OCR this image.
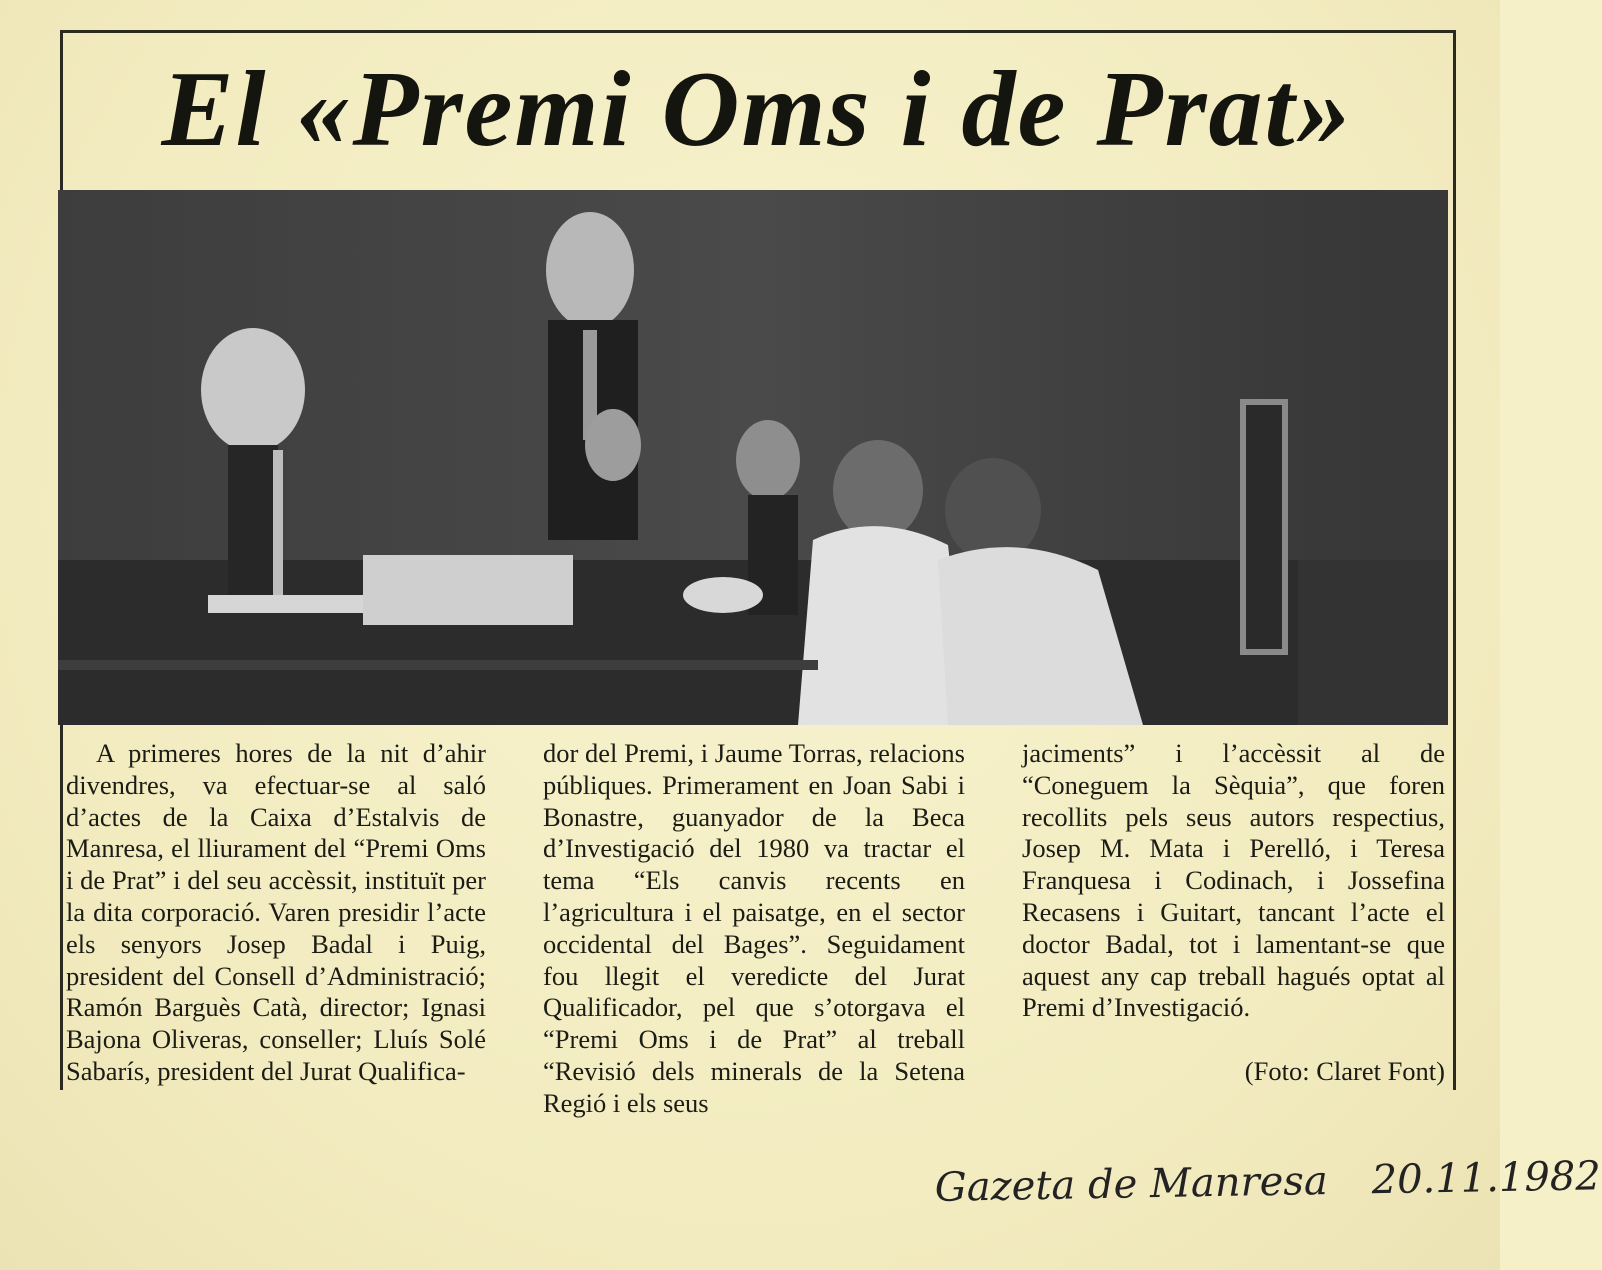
El «Premi Oms i de Prat»

A primeres hores de la nit d’ahir divendres, va efectuar-se al saló d’actes de la Caixa d’Estalvis de Manresa, el lliurament del “Premi Oms i de Prat” i del seu accèssit, instituït per la dita corporació. Varen presidir l’acte els senyors Josep Badal i Puig, president del Consell d’Administració; Ramón Barguès Catà, director; Ignasi Bajona Oliveras, conseller; Lluís Solé Sabarís, president del Jurat Qualifica-

dor del Premi, i Jaume Torras, relacions públiques. Primerament en Joan Sabi i Bonastre, guanyador de la Beca d’Investigació del 1980 va tractar el tema “Els canvis recents en l’agricultura i el paisatge, en el sector occidental del Bages”. Seguidament fou llegit el veredicte del Jurat Qualificador, pel que s’otorgava el “Premi Oms i de Prat” al treball “Revisió dels minerals de la Setena Regió i els seus

jaciments” i l’accèssit al de “Coneguem la Sèquia”, que foren recollits pels seus autors respectius, Josep M. Mata i Perelló, i Teresa Franquesa i Codinach, i Jossefina Recasens i Guitart, tancant l’acte el doctor Badal, tot i lamentant-se que aquest any cap treball hagués optat al Premi d’Investigació.

(Foto: Claret Font)
Gazeta de Manresa 20.11.1982
